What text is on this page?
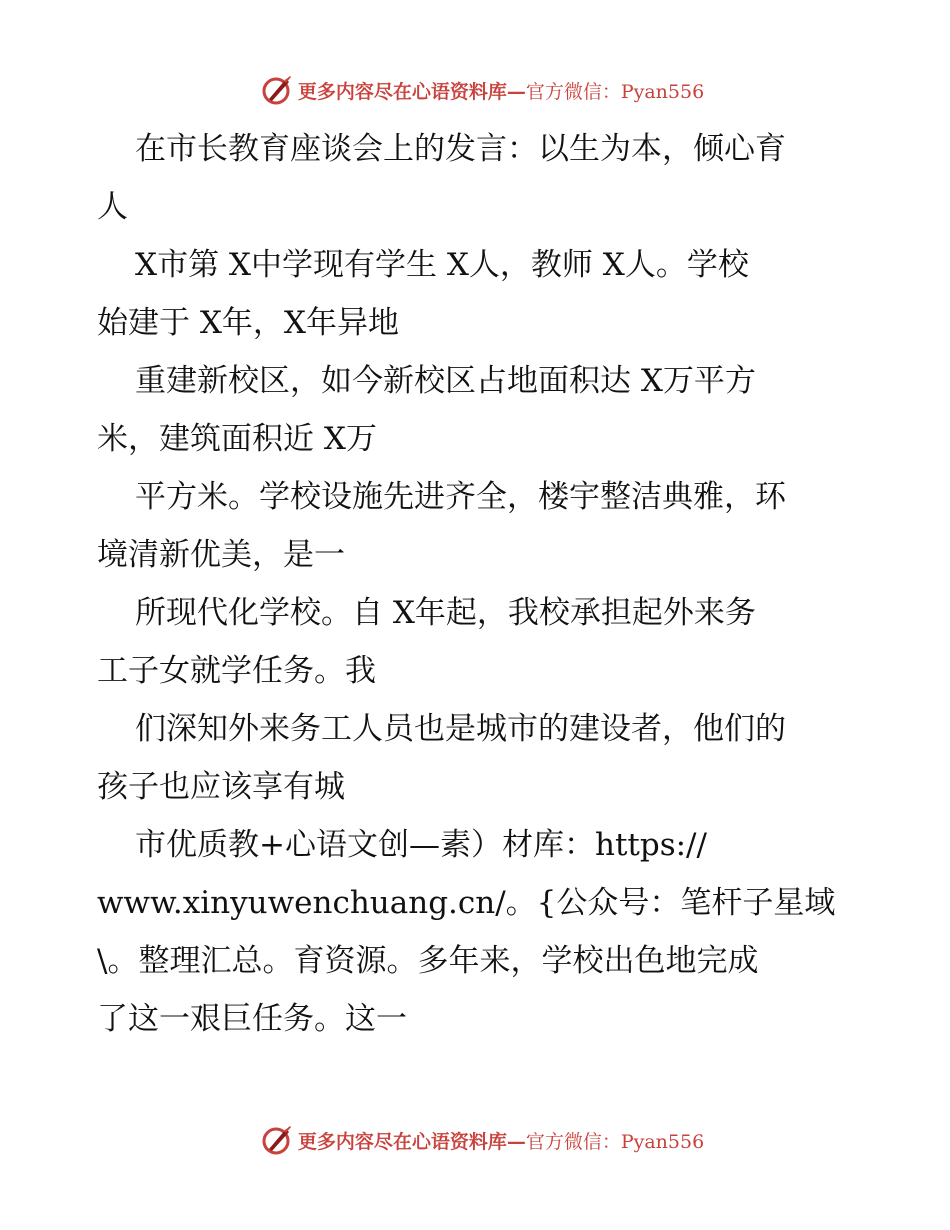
更多内容尽在心语资料库—官方微信：Pyan556
在市长教育座谈会上的发言：以生为本，倾心育
人
X市第 X中学现有学生 X人，教师 X人。学校
始建于 X年，X年异地
重建新校区，如今新校区占地面积达 X万平方
米，建筑面积近 X万
平方米。学校设施先进齐全，楼宇整洁典雅，环
境清新优美，是一
所现代化学校。自 X年起，我校承担起外来务
工子女就学任务。我
们深知外来务工人员也是城市的建设者，他们的
孩子也应该享有城
市优质教+心语文创—素）材库：https://
www.xinyuwenchuang.cn/。{公众号：笔杆子星域
\。整理汇总。育资源。多年来，学校出色地完成
了这一艰巨任务。这一
更多内容尽在心语资料库—官方微信：Pyan556
